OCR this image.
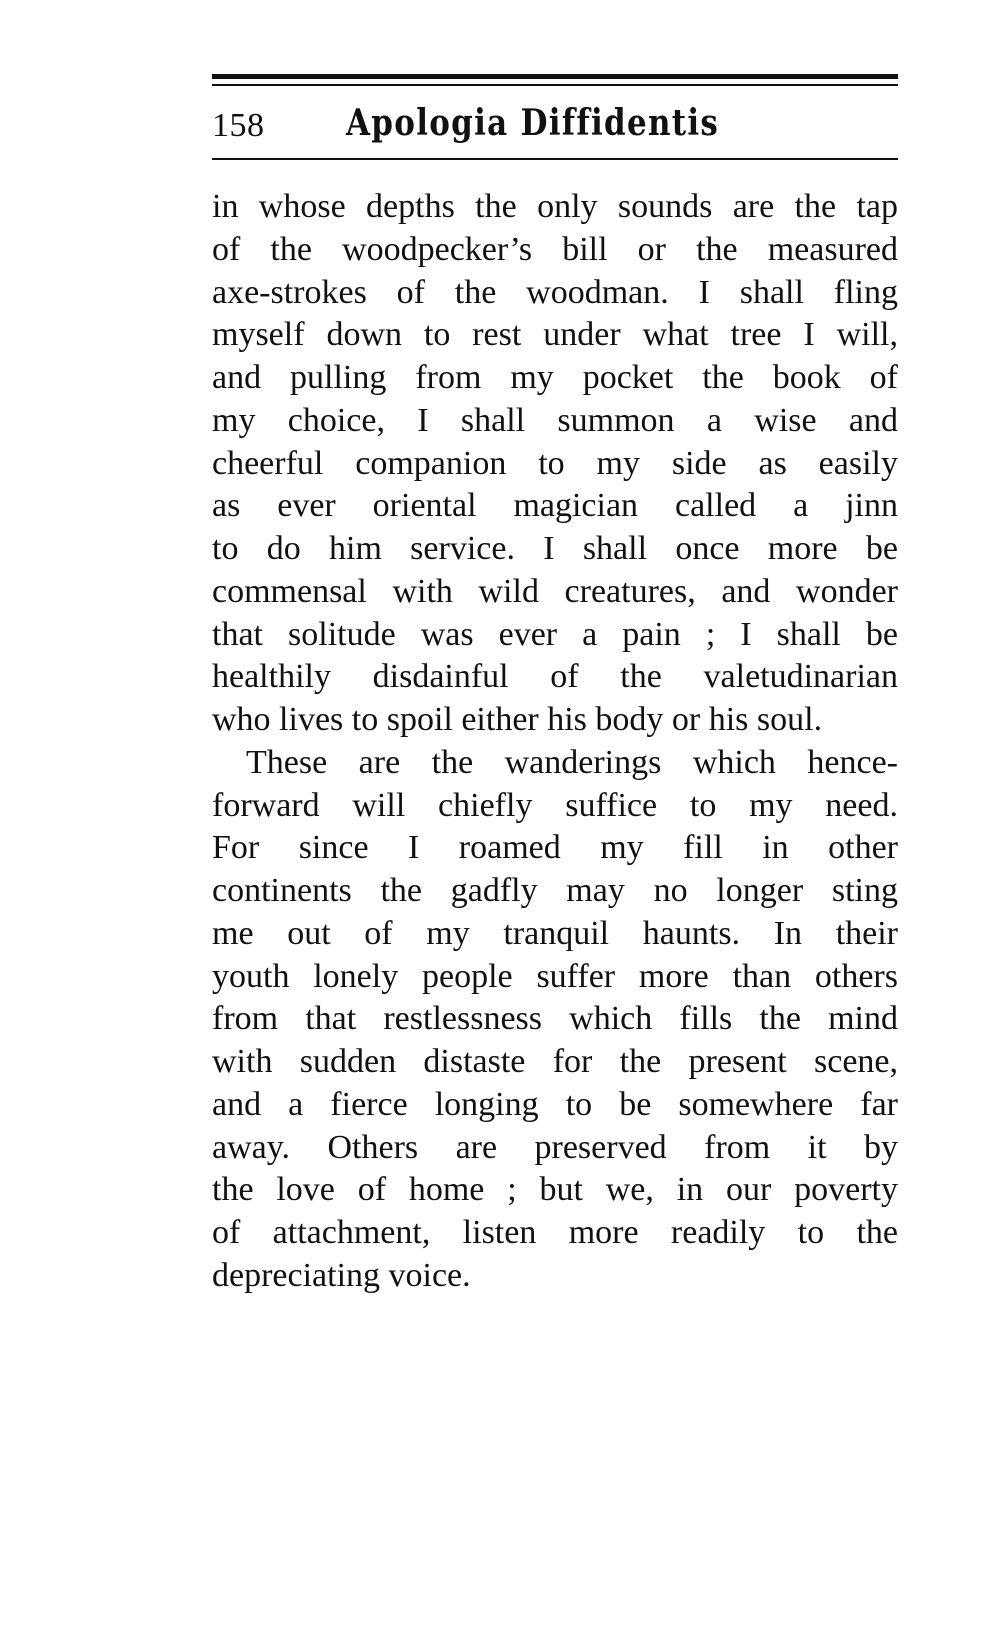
158 Apologia Diffidentis
in whose depths the only sounds are the tap
of the woodpecker’s bill or the measured
axe-strokes of the woodman. I shall fling
myself down to rest under what tree I will,
and pulling from my pocket the book of
my choice, I shall summon a wise and
cheerful companion to my side as easily
as ever oriental magician called a jinn
to do him service. I shall once more be
commensal with wild creatures, and wonder
that solitude was ever a pain ; I shall be
healthily disdainful of the valetudinarian
who lives to spoil either his body or his soul.
These are the wanderings which hence-
forward will chiefly suffice to my need.
For since I roamed my fill in other
continents the gadfly may no longer sting
me out of my tranquil haunts. In their
youth lonely people suffer more than others
from that restlessness which fills the mind
with sudden distaste for the present scene,
and a fierce longing to be somewhere far
away. Others are preserved from it by
the love of home ; but we, in our poverty
of attachment, listen more readily to the
depreciating voice.
